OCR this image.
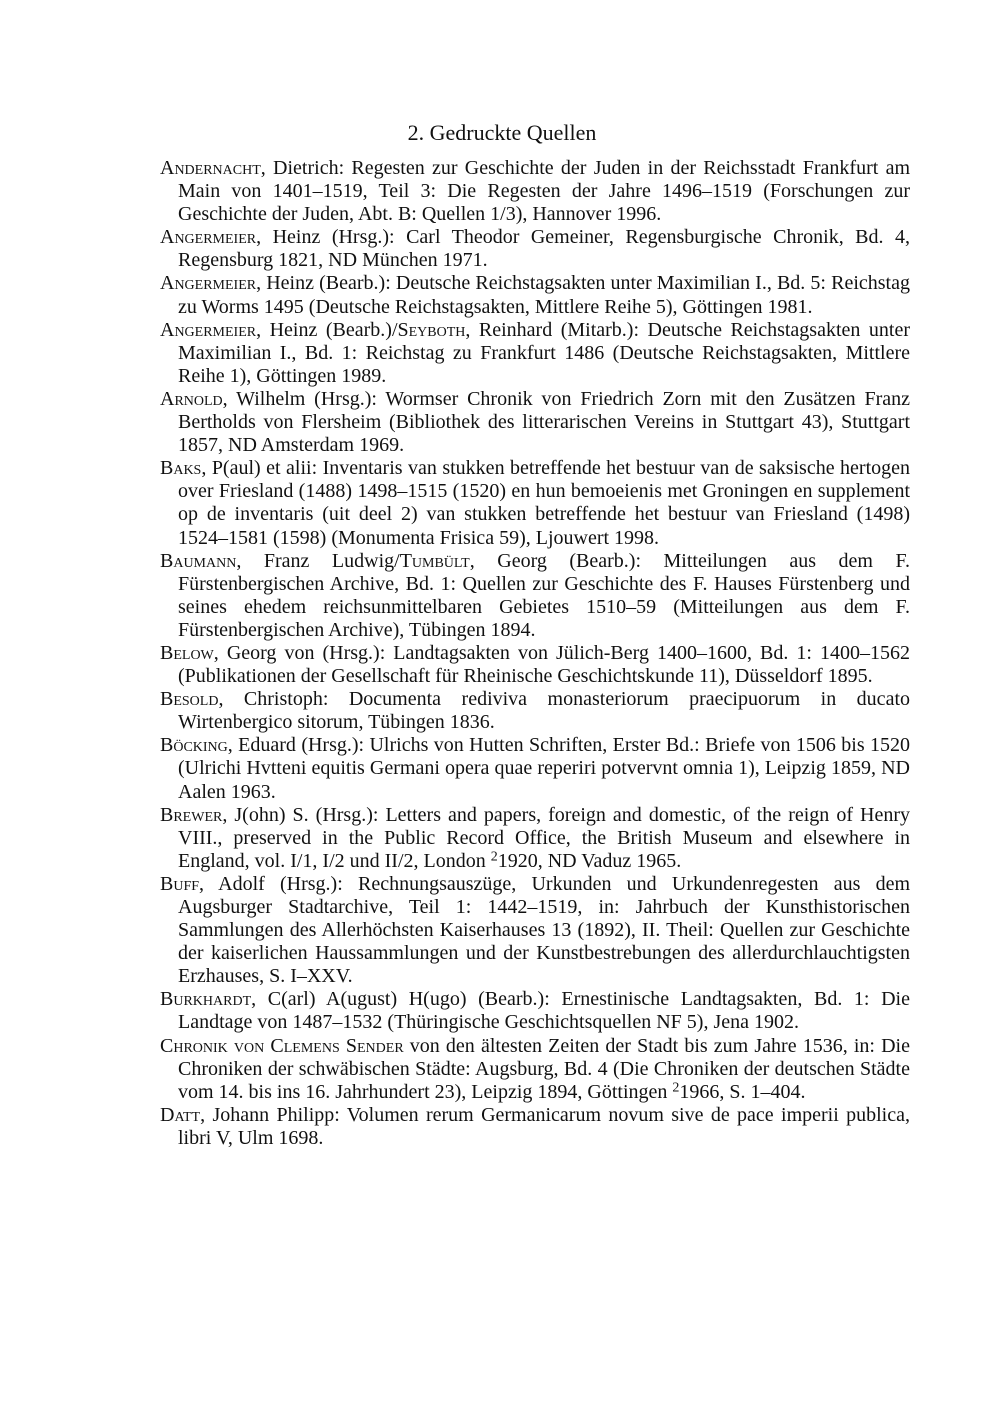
2. Gedruckte Quellen

Andernacht, Dietrich: Regesten zur Geschichte der Juden in der Reichsstadt Frankfurt am Main von 1401–1519, Teil 3: Die Regesten der Jahre 1496–1519 (Forschungen zur Geschichte der Juden, Abt. B: Quellen 1/3), Hannover 1996.

Angermeier, Heinz (Hrsg.): Carl Theodor Gemeiner, Regensburgische Chronik, Bd. 4, Regensburg 1821, ND München 1971.

Angermeier, Heinz (Bearb.): Deutsche Reichstagsakten unter Maximilian I., Bd. 5: Reichstag zu Worms 1495 (Deutsche Reichstagsakten, Mittlere Reihe 5), Göttingen 1981.

Angermeier, Heinz (Bearb.)/Seyboth, Reinhard (Mitarb.): Deutsche Reichstagsakten unter Maximilian I., Bd. 1: Reichstag zu Frankfurt 1486 (Deutsche Reichstagsakten, Mittlere Reihe 1), Göttingen 1989.

Arnold, Wilhelm (Hrsg.): Wormser Chronik von Friedrich Zorn mit den Zusätzen Franz Bertholds von Flersheim (Bibliothek des litterarischen Vereins in Stuttgart 43), Stuttgart 1857, ND Amsterdam 1969.

Baks, P(aul) et alii: Inventaris van stukken betreffende het bestuur van de saksische hertogen over Friesland (1488) 1498–1515 (1520) en hun bemoeienis met Groningen en supplement op de inventaris (uit deel 2) van stukken betreffende het bestuur van Friesland (1498) 1524–1581 (1598) (Monumenta Frisica 59), Ljouwert 1998.

Baumann, Franz Ludwig/Tumbült, Georg (Bearb.): Mitteilungen aus dem F. Fürstenbergischen Archive, Bd. 1: Quellen zur Geschichte des F. Hauses Fürstenberg und seines ehedem reichsunmittelbaren Gebietes 1510–59 (Mitteilungen aus dem F. Fürstenbergischen Archive), Tübingen 1894.

Below, Georg von (Hrsg.): Landtagsakten von Jülich-Berg 1400–1600, Bd. 1: 1400–1562 (Publikationen der Gesellschaft für Rheinische Geschichtskunde 11), Düsseldorf 1895.

Besold, Christoph: Documenta rediviva monasteriorum praecipuorum in ducato Wirtenbergico sitorum, Tübingen 1836.

Böcking, Eduard (Hrsg.): Ulrichs von Hutten Schriften, Erster Bd.: Briefe von 1506 bis 1520 (Ulrichi Hvtteni equitis Germani opera quae reperiri potvervnt omnia 1), Leipzig 1859, ND Aalen 1963.

Brewer, J(ohn) S. (Hrsg.): Letters and papers, foreign and domestic, of the reign of Henry VIII., preserved in the Public Record Office, the British Museum and elsewhere in England, vol. I/1, I/2 und II/2, London $^2$1920, ND Vaduz 1965.

Buff, Adolf (Hrsg.): Rechnungsauszüge, Urkunden und Urkundenregesten aus dem Augsburger Stadtarchive, Teil 1: 1442–1519, in: Jahrbuch der Kunsthistorischen Sammlungen des Allerhöchsten Kaiserhauses 13 (1892), II. Theil: Quellen zur Geschichte der kaiserlichen Haussammlungen und der Kunstbestrebungen des allerdurchlauchtigsten Erzhauses, S. I–XXV.

Burkhardt, C(arl) A(ugust) H(ugo) (Bearb.): Ernestinische Landtagsakten, Bd. 1: Die Landtage von 1487–1532 (Thüringische Geschichtsquellen NF 5), Jena 1902.

Chronik von Clemens Sender von den ältesten Zeiten der Stadt bis zum Jahre 1536, in: Die Chroniken der schwäbischen Städte: Augsburg, Bd. 4 (Die Chroniken der deutschen Städte vom 14. bis ins 16. Jahrhundert 23), Leipzig 1894, Göttingen $^2$1966, S. 1–404.

Datt, Johann Philipp: Volumen rerum Germanicarum novum sive de pace imperii publica, libri V, Ulm 1698.
